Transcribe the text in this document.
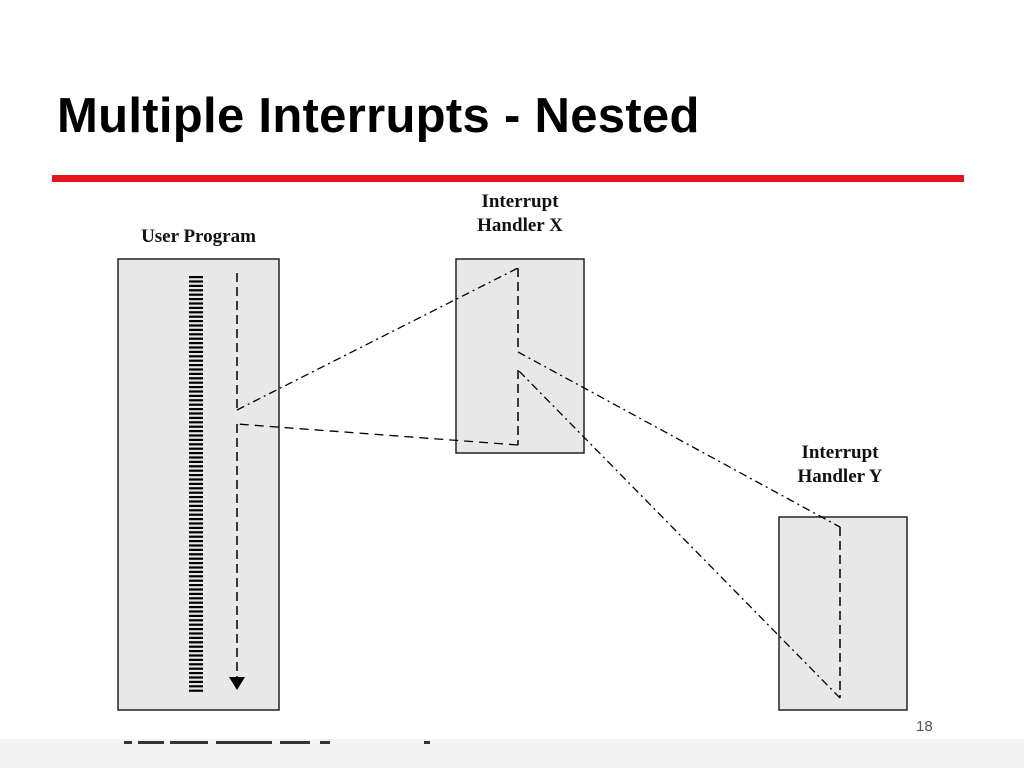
Multiple Interrupts - Nested
User Program
Interrupt
Handler X
Interrupt
Handler Y
18
